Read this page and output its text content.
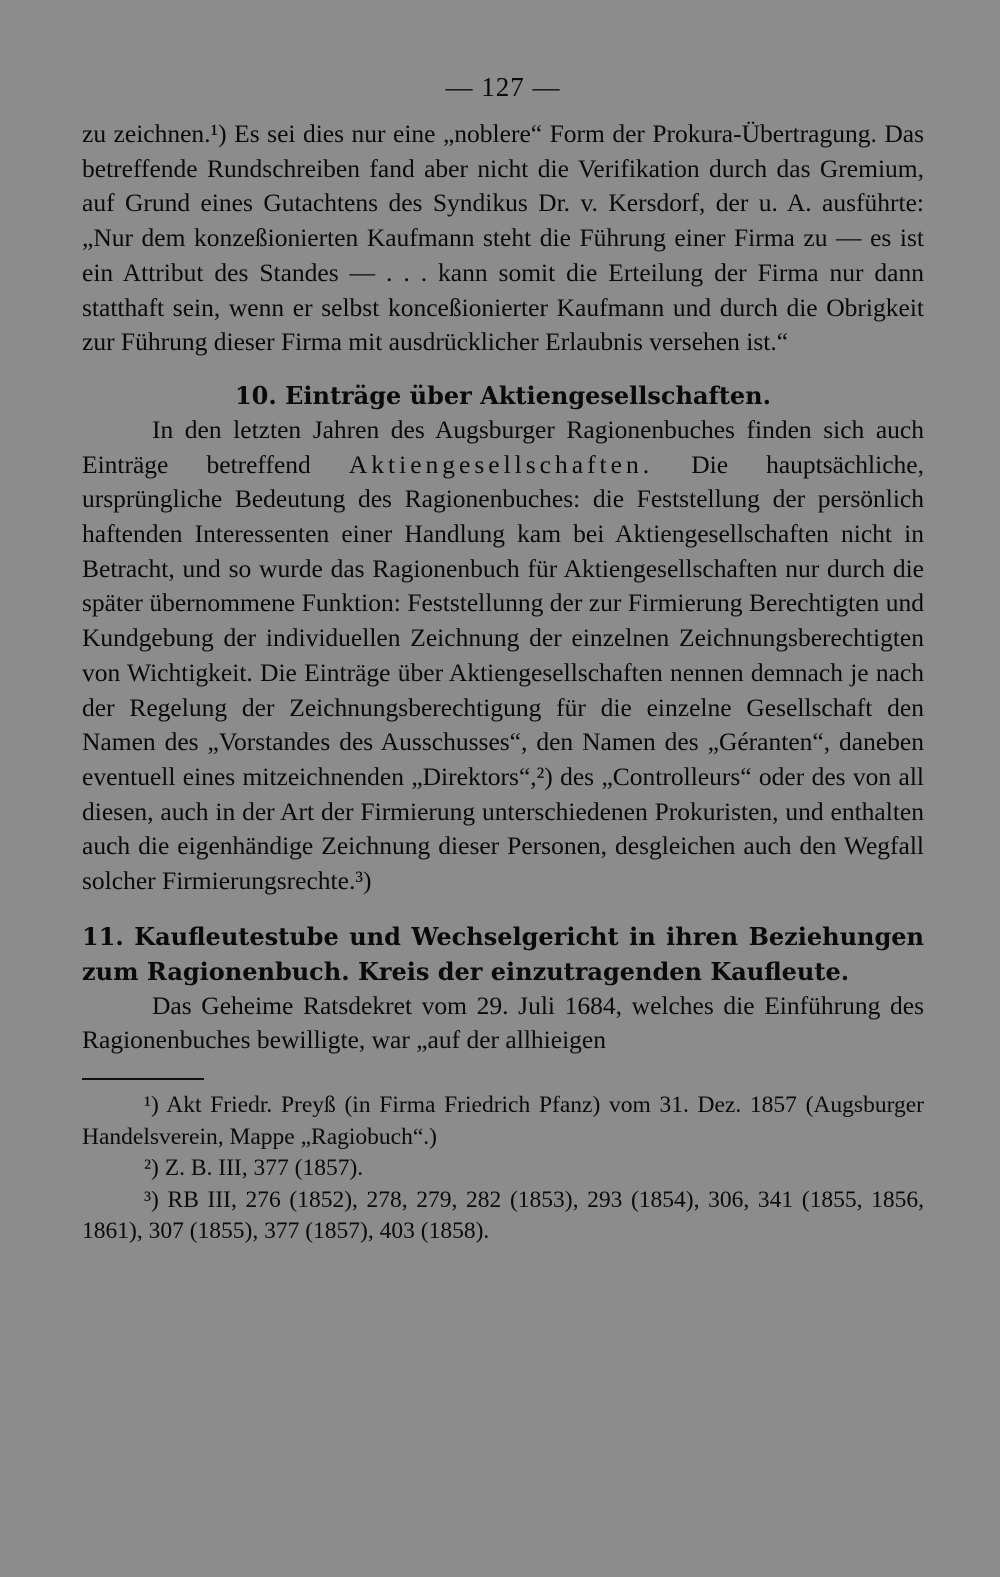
— 127 —

zu zeichnen.¹) Es sei dies nur eine „noblere“ Form der Prokura-Übertragung. Das betreffende Rundschreiben fand aber nicht die Verifikation durch das Gremium, auf Grund eines Gutachtens des Syndikus Dr. v. Kersdorf, der u. A. ausführte: „Nur dem konzeßionierten Kaufmann steht die Führung einer Firma zu — es ist ein Attribut des Standes — . . . kann somit die Erteilung der Firma nur dann statthaft sein, wenn er selbst konceßionierter Kaufmann und durch die Obrigkeit zur Führung dieser Firma mit ausdrücklicher Erlaubnis versehen ist.“

10. Einträge über Aktiengesellschaften.

In den letzten Jahren des Augsburger Ragionenbuches finden sich auch Einträge betreffend Aktiengesellschaften. Die hauptsächliche, ursprüngliche Bedeutung des Ragionenbuches: die Feststellung der persönlich haftenden Interessenten einer Handlung kam bei Aktiengesellschaften nicht in Betracht, und so wurde das Ragionenbuch für Aktiengesellschaften nur durch die später übernommene Funktion: Feststellunng der zur Firmierung Berechtigten und Kundgebung der individuellen Zeichnung der einzelnen Zeichnungsberechtigten von Wichtigkeit. Die Einträge über Aktiengesellschaften nennen demnach je nach der Regelung der Zeichnungsberechtigung für die einzelne Gesellschaft den Namen des „Vorstandes des Ausschusses“, den Namen des „Géranten“, daneben eventuell eines mitzeichnenden „Direktors“,²) des „Controlleurs“ oder des von all diesen, auch in der Art der Firmierung unterschiedenen Prokuristen, und enthalten auch die eigenhändige Zeichnung dieser Personen, desgleichen auch den Wegfall solcher Firmierungsrechte.³)

11. Kaufleutestube und Wechselgericht in ihren Beziehungen zum Ragionenbuch. Kreis der einzutragenden Kaufleute.

Das Geheime Ratsdekret vom 29. Juli 1684, welches die Einführung des Ragionenbuches bewilligte, war „auf der allhieigen

¹) Akt Friedr. Preyß (in Firma Friedrich Pfanz) vom 31. Dez. 1857 (Augsburger Handelsverein, Mappe „Ragiobuch“.)

²) Z. B. III, 377 (1857).

³) RB III, 276 (1852), 278, 279, 282 (1853), 293 (1854), 306, 341 (1855, 1856, 1861), 307 (1855), 377 (1857), 403 (1858).
